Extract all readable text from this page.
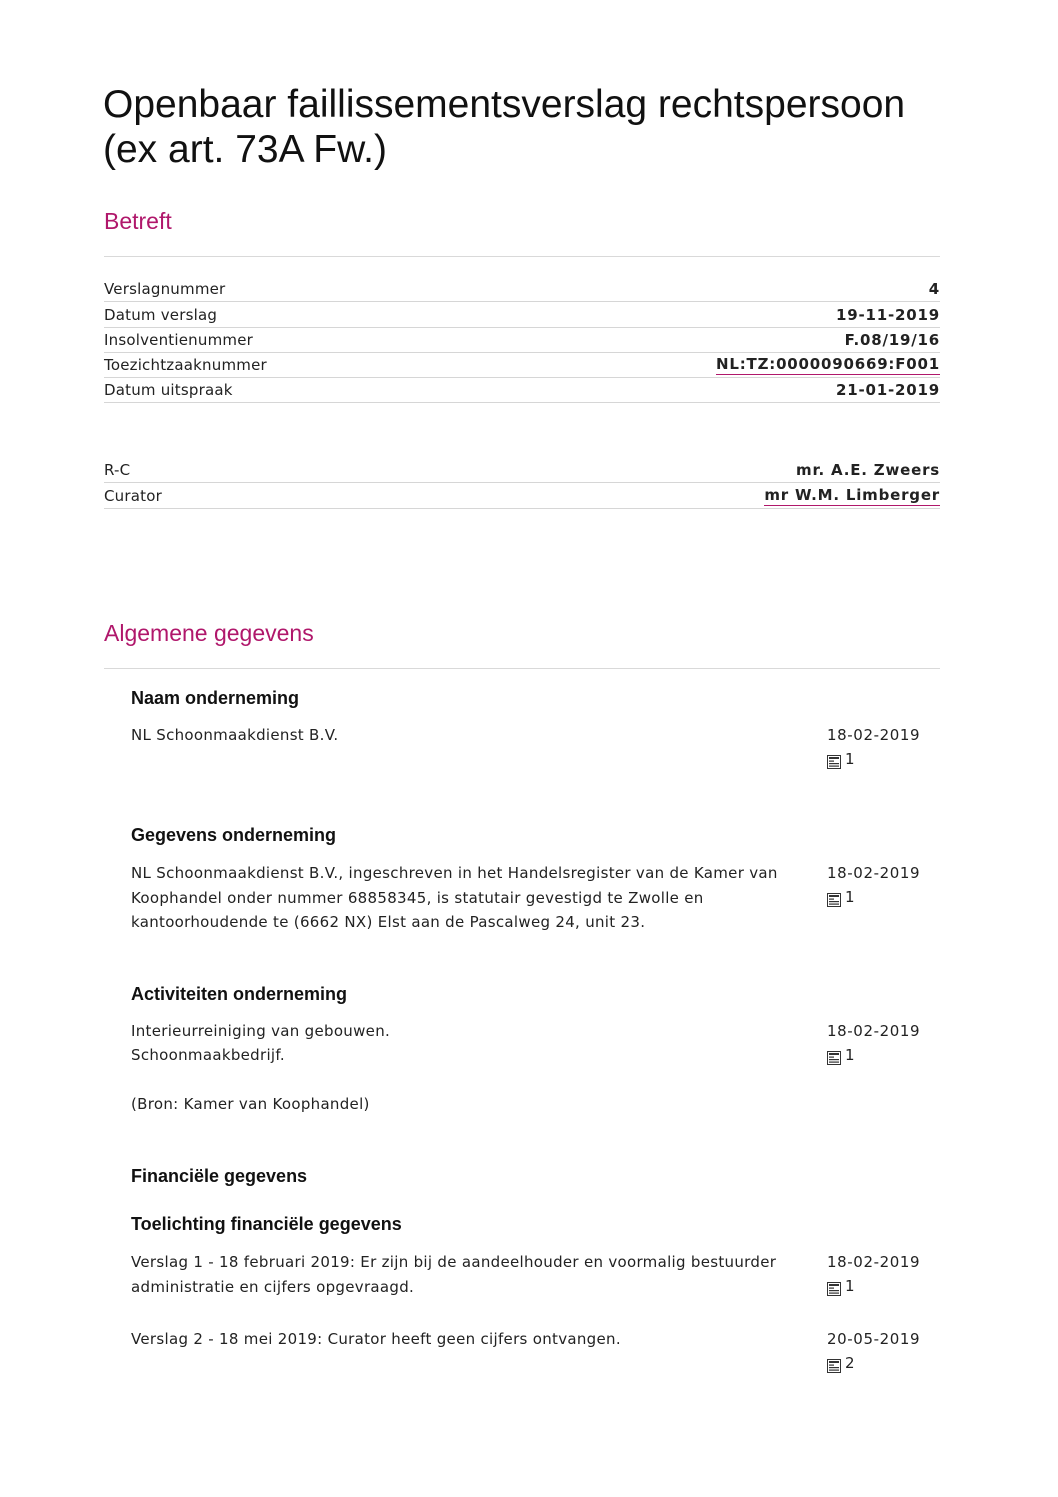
Openbaar faillissementsverslag rechtspersoon (ex art. 73A Fw.)
Betreft
Verslagnummer	4
Datum verslag	19-11-2019
Insolventienummer	F.08/19/16
Toezichtzaaknummer	NL:TZ:0000090669:F001
Datum uitspraak	21-01-2019
R-C	mr. A.E. Zweers
Curator	mr W.M. Limberger
Algemene gegevens
Naam onderneming

NL Schoonmaakdienst B.V.	18-02-2019
1
Gegevens onderneming

NL Schoonmaakdienst B.V., ingeschreven in het Handelsregister van de Kamer van Koophandel onder nummer 68858345, is statutair gevestigd te Zwolle en kantoorhoudende te (6662 NX) Elst aan de Pascalweg 24, unit 23.

18-02-2019
1
Activiteiten onderneming

Interieurreiniging van gebouwen.

Schoonmaakbedrijf.

(Bron: Kamer van Koophandel)

18-02-2019
1
Financiële gegevens
Toelichting financiële gegevens

Verslag 1 - 18 februari 2019: Er zijn bij de aandeelhouder en voormalig bestuurder administratie en cijfers opgevraagd.

18-02-2019
1

Verslag 2 - 18 mei 2019: Curator heeft geen cijfers ontvangen.	20-05-2019
2
